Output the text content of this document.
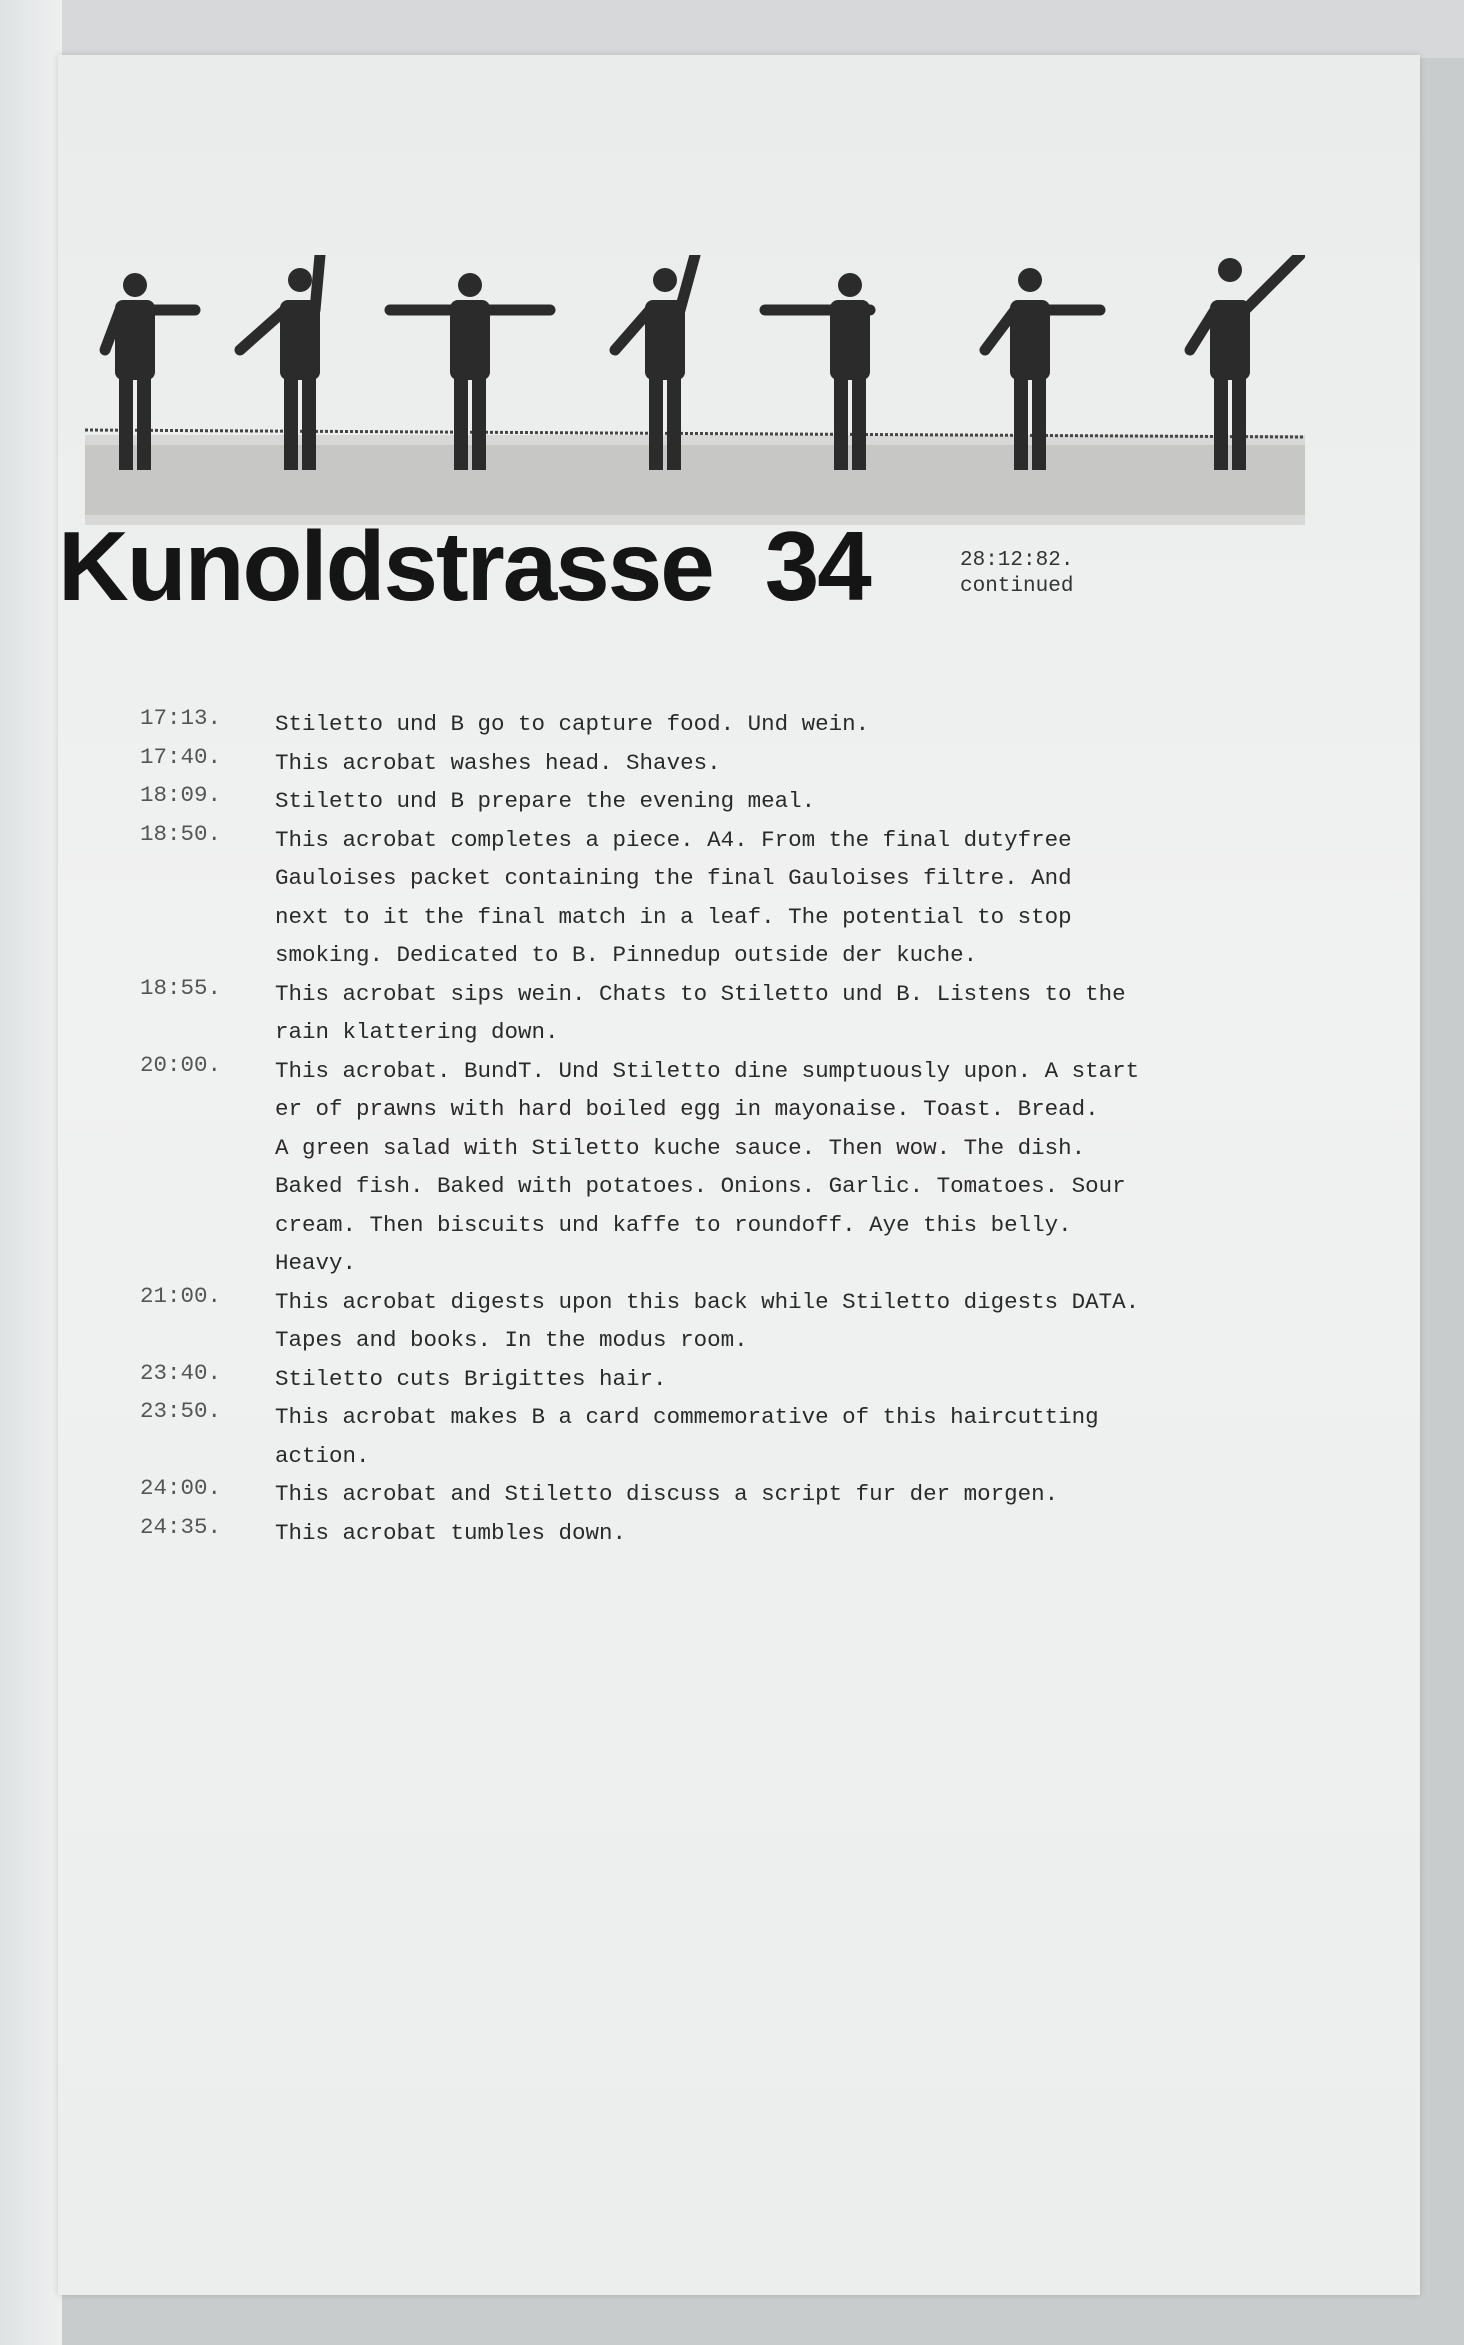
Kunoldstrasse 34	28:12:82.
continued
17:13.	Stiletto und B go to capture food. Und wein.
17:40.	This acrobat washes head. Shaves.
18:09.	Stiletto und B prepare the evening meal.
18:50.	This acrobat completes a piece. A4. From the final dutyfree
Gauloises packet containing the final Gauloises filtre. And
next to it the final match in a leaf. The potential to stop
smoking. Dedicated to B. Pinnedup outside der kuche.
18:55.	This acrobat sips wein. Chats to Stiletto und B. Listens to the
rain klattering down.
20:00.	This acrobat. BundT. Und Stiletto dine sumptuously upon. A start
er of prawns with hard boiled egg in mayonaise. Toast. Bread.
A green salad with Stiletto kuche sauce. Then wow. The dish.
Baked fish. Baked with potatoes. Onions. Garlic. Tomatoes. Sour
cream. Then biscuits und kaffe to roundoff. Aye this belly.
Heavy.
21:00.	This acrobat digests upon this back while Stiletto digests DATA.
Tapes and books. In the modus room.
23:40.	Stiletto cuts Brigittes hair.
23:50.	This acrobat makes B a card commemorative of this haircutting
action.
24:00.	This acrobat and Stiletto discuss a script fur der morgen.
24:35.	This acrobat tumbles down.
